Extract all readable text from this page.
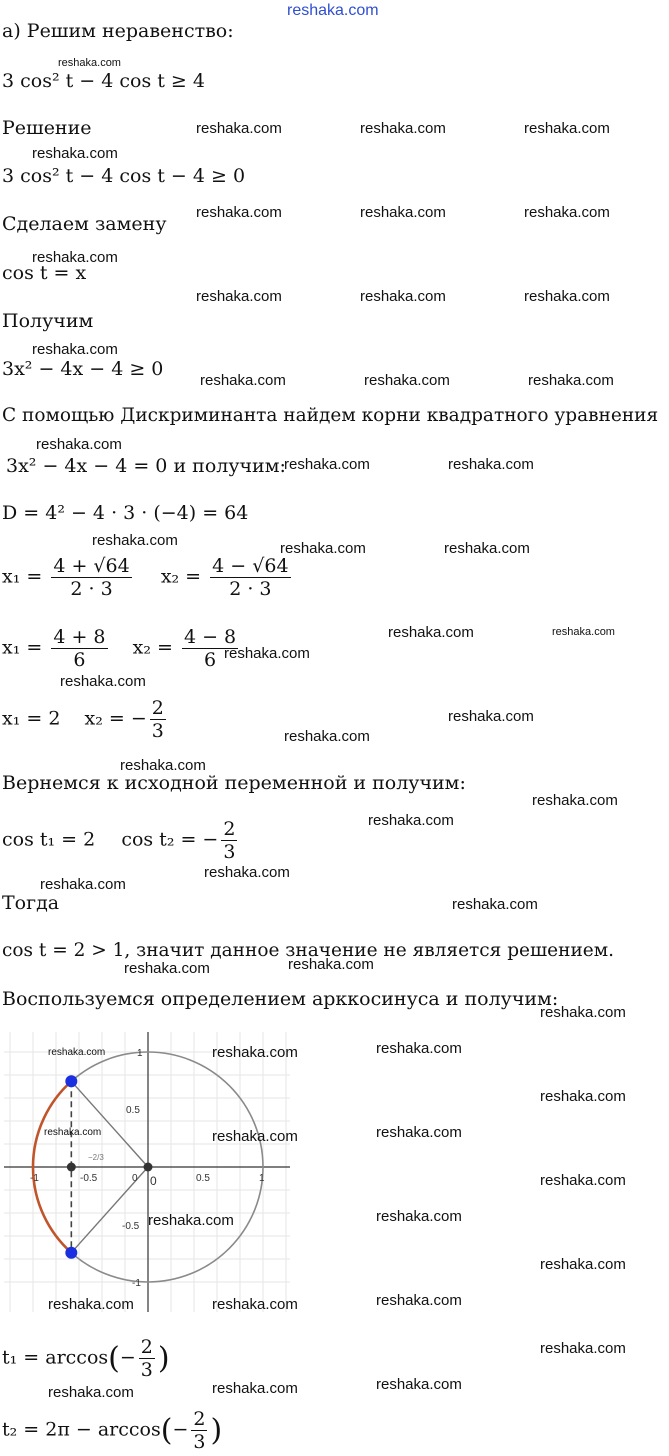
reshaka.com
а) Решим неравенство:
reshaka.com
3 cos² t − 4 cos t ≥ 4
Решение	reshaka.com	reshaka.com	reshaka.com
reshaka.com
3 cos² t − 4 cos t − 4 ≥ 0
Сделаем замену
reshaka.com	reshaka.com	reshaka.com
reshaka.com
cos t = x
reshaka.com	reshaka.com	reshaka.com
Получим
reshaka.com
3x² − 4x − 4 ≥ 0
reshaka.com	reshaka.com	reshaka.com
С помощью Дискриминанта найдем корни квадратного уравнения
reshaka.com
3x² − 4x − 4 = 0 и получим:
reshaka.com	reshaka.com
D = 4² − 4 · 3 · (−4) = 64
reshaka.com	reshaka.com	reshaka.com
$x_1 = \frac{4 + √64}{2 \cdot 3} x_2 = \frac{4 - √64}{2 \cdot 3}$
reshaka.com	reshaka.com
$x_1 = \frac{4 + 8}{6} x_2 = \frac{4 - 8}{6}$
reshaka.com
reshaka.com
x₁ = 2 x₂ = − $\frac{2}{3}$	reshaka.com
reshaka.com
reshaka.com
Вернемся к исходной переменной и получим:
reshaka.com
reshaka.com
cos t₁ = 2 cos t₂ = − $\frac{2}{3}$
reshaka.com
reshaka.com
Тогда	reshaka.com
cos t = 2 > 1, значит данное значение не является решением.
reshaka.com	reshaka.com
Воспользуемся определением арккосинуса и получим:
reshaka.com
-1	-0.5	0	0.5	1
1
0.5
-0.5
-1
0
−2/3
reshaka.com
reshaka.com
reshaka.com	reshaka.com
reshaka.com
reshaka.com	reshaka.com
reshaka.com
reshaka.com	reshaka.com
reshaka.com
reshaka.com	reshaka.com	reshaka.com
$t_1 = \arccos(- \frac{2}{3}$ )	reshaka.com
reshaka.com	reshaka.com	reshaka.com
$t_2 = 2\pi - \arccos(- \frac{2}{3}$ )
